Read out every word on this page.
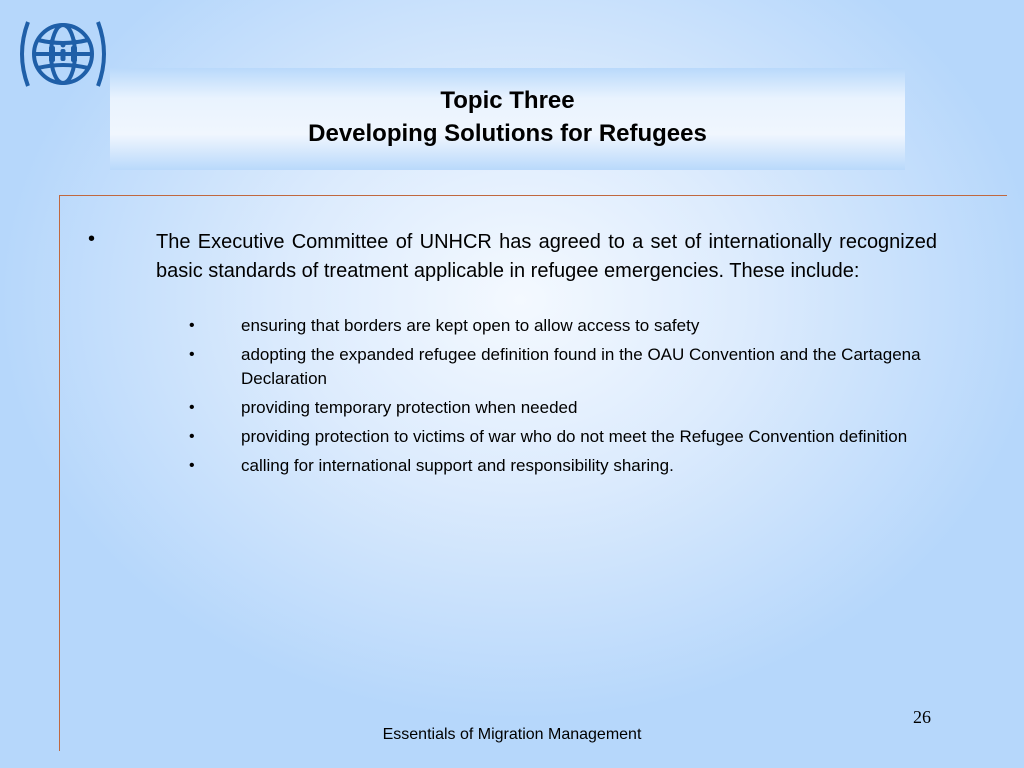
Topic Three
Developing Solutions for Refugees
•	The Executive Committee of UNHCR has agreed to a set of internationally recognized basic standards of treatment applicable in refugee emergencies. These include:
•	ensuring that borders are kept open to allow access to safety
•	adopting the expanded refugee definition found in the OAU Convention and the Cartagena Declaration
•	providing temporary protection when needed
•	providing protection to victims of war who do not meet the Refugee Convention definition
•	calling for international support and responsibility sharing.
26
Essentials of Migration Management
